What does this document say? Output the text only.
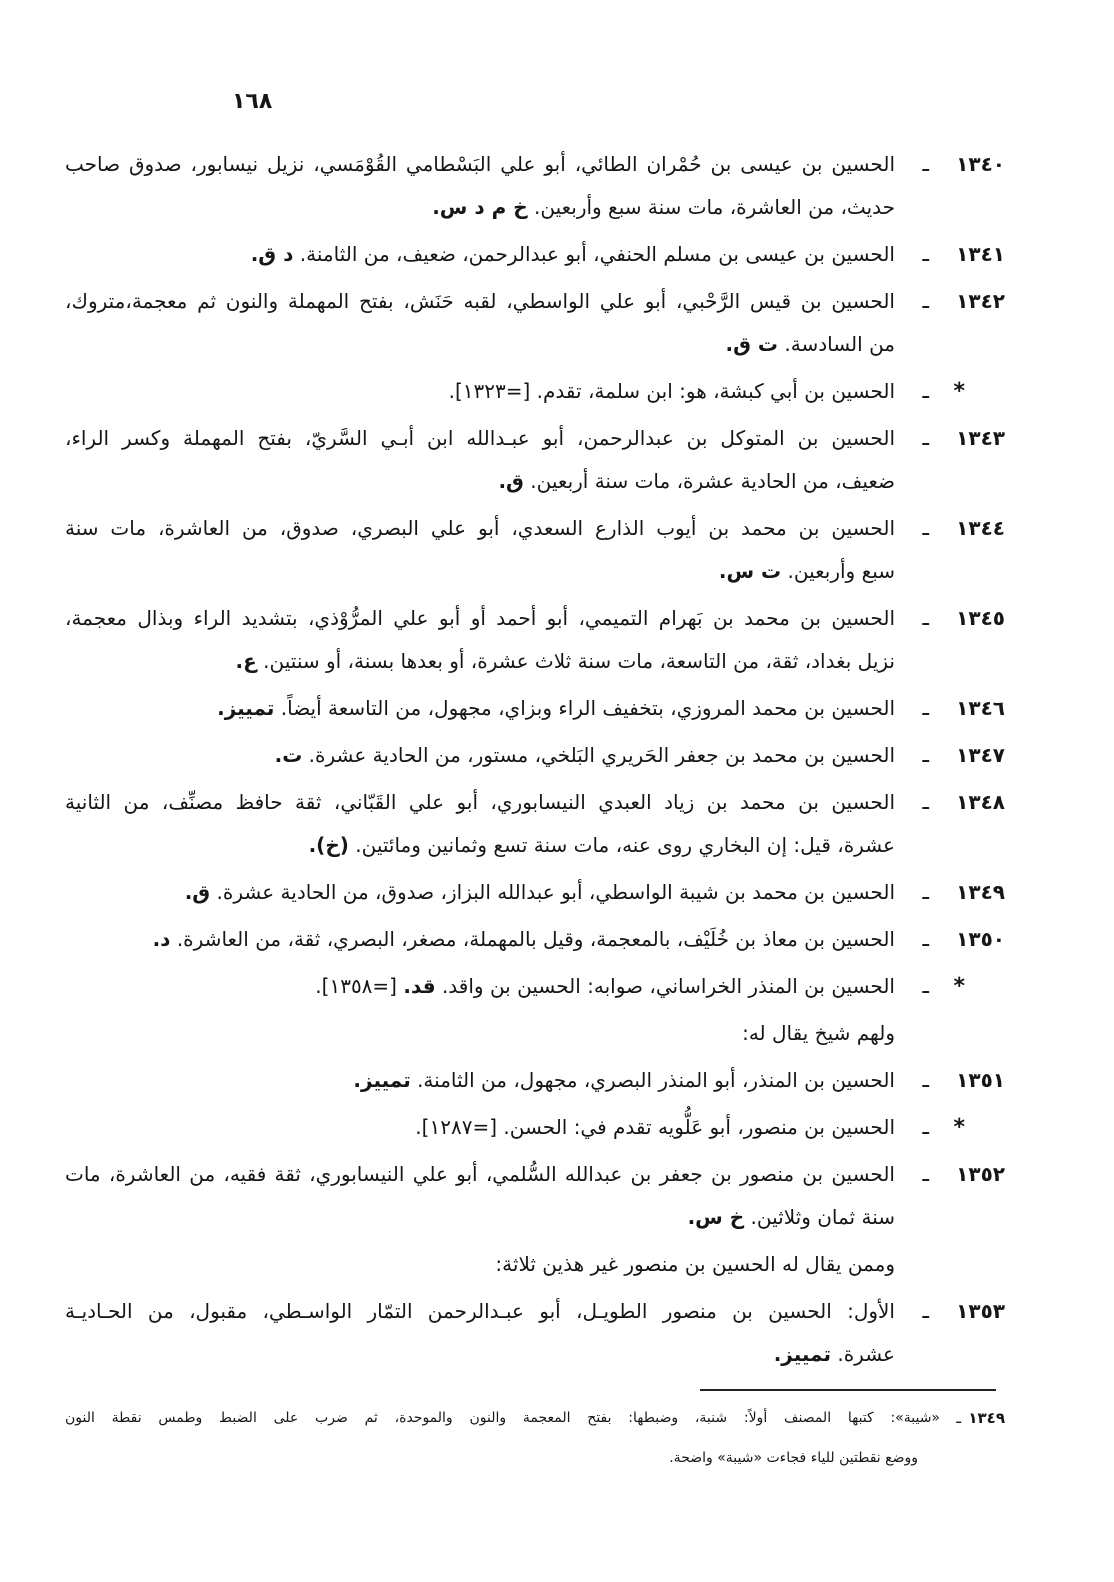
١٦٨
١٣٤٠
ـ
الحسين بن عيسى بن حُمْران الطائي، أبو علي البَسْطامي القُوْمَسي، نزيل نيسابور، صدوق صاحب
حديث، من العاشرة، مات سنة سبع وأربعين. خ م د س.
١٣٤١
ـ
الحسين بن عيسى بن مسلم الحنفي، أبو عبدالرحمن، ضعيف، من الثامنة. د ق.
١٣٤٢
ـ
الحسين بن قيس الرَّحْبي، أبو علي الواسطي، لقبه حَنَش، بفتح المهملة والنون ثم معجمة،متروك،
من السادسة. ت ق.
*
ـ
الحسين بن أبي كبشة، هو: ابن سلمة، تقدم. [=١٣٢٣].
١٣٤٣
ـ
الحسين بن المتوكل بن عبدالرحمن، أبو عبـدالله ابن أبـي السَّريّ، بفتح المهملة وكسر الراء،
ضعيف، من الحادية عشرة، مات سنة أربعين. ق.
١٣٤٤
ـ
الحسين بن محمد بن أيوب الذارع السعدي، أبو علي البصري، صدوق، من العاشرة، مات سنة
سبع وأربعين. ت س.
١٣٤٥
ـ
الحسين بن محمد بن بَهرام التميمي، أبو أحمد أو أبو علي المرُّوْذي، بتشديد الراء وبذال معجمة،
نزيل بغداد، ثقة، من التاسعة، مات سنة ثلاث عشرة، أو بعدها بسنة، أو سنتين. ع.
١٣٤٦
ـ
الحسين بن محمد المروزي، بتخفيف الراء وبزاي، مجهول، من التاسعة أيضاً. تمييز.
١٣٤٧
ـ
الحسين بن محمد بن جعفر الحَريري البَلخي، مستور، من الحادية عشرة. ت.
١٣٤٨
ـ
الحسين بن محمد بن زياد العبدي النيسابوري، أبو علي القَبّاني، ثقة حافظ مصنِّف، من الثانية
عشرة، قيل: إن البخاري روى عنه، مات سنة تسع وثمانين ومائتين. (خ).
١٣٤٩
ـ
الحسين بن محمد بن شيبة الواسطي، أبو عبدالله البزاز، صدوق، من الحادية عشرة. ق.
١٣٥٠
ـ
الحسين بن معاذ بن خُلَيْف، بالمعجمة، وقيل بالمهملة، مصغر، البصري، ثقة، من العاشرة. د.
*
ـ
الحسين بن المنذر الخراساني، صوابه: الحسين بن واقد. قد. [=١٣٥٨].
ولهم شيخ يقال له:
١٣٥١
ـ
الحسين بن المنذر، أبو المنذر البصري، مجهول، من الثامنة. تمييز.
*
ـ
الحسين بن منصور، أبو عَلُّويه تقدم في: الحسن. [=١٢٨٧].
١٣٥٢
ـ
الحسين بن منصور بن جعفر بن عبدالله السُّلمي، أبو علي النيسابوري، ثقة فقيه، من العاشرة، مات
سنة ثمان وثلاثين. خ س.
وممن يقال له الحسين بن منصور غير هذين ثلاثة:
١٣٥٣
ـ
الأول: الحسين بن منصور الطويـل، أبو عبـدالرحمن التمّار الواسـطي، مقبول، من الحـاديـة
عشرة. تمييز.
١٣٤٩
ـ
«شيبة»: كتبها المصنف أولاً: شنبة، وضبطها: بفتح المعجمة والنون والموحدة، ثم ضرب على الضبط وطمس نقطة النون
ووضع نقطتين للياء فجاءت «شيبة» واضحة.
